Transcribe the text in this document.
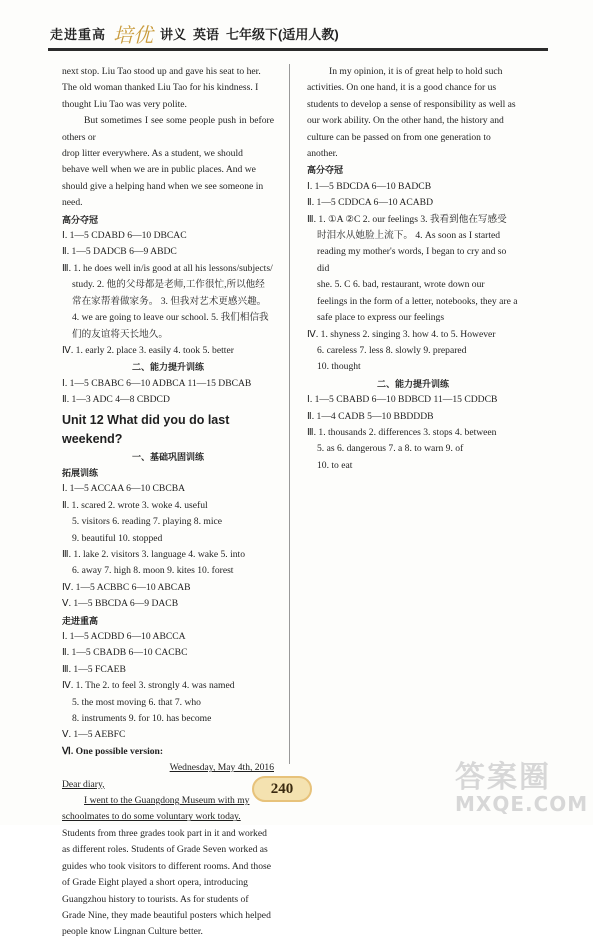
走进重高 培优 讲义 英语 七年级下(适用人教)
next stop. Liu Tao stood up and gave his seat to her.
The old woman thanked Liu Tao for his kindness. I
thought Liu Tao was very polite.
But sometimes I see some people push in before others or
drop litter everywhere. As a student, we should
behave well when we are in public places. And we
should give a helping hand when we see someone in
need.
高分夺冠
Ⅰ. 1—5 CDABD 6—10 DBCAC
Ⅱ. 1—5 DADCB 6—9 ABDC
Ⅲ. 1. he does well in/is good at all his lessons/subjects/
study. 2. 他的父母都是老师,工作很忙,所以他经
常在家帮着做家务。 3. 但我对艺术更感兴趣。
4. we are going to leave our school. 5. 我们相信我
们的友谊将天长地久。
Ⅳ. 1. early 2. place 3. easily 4. took 5. better
二、能力提升训练
Ⅰ. 1—5 CBABC 6—10 ADBCA 11—15 DBCAB
Ⅱ. 1—3 ADC 4—8 CBDCD
Unit 12 What did you do last weekend?
一、基础巩固训练
拓展训练
Ⅰ. 1—5 ACCAA 6—10 CBCBA
Ⅱ. 1. scared 2. wrote 3. woke 4. useful
5. visitors 6. reading 7. playing 8. mice
9. beautiful 10. stopped
Ⅲ. 1. lake 2. visitors 3. language 4. wake 5. into
6. away 7. high 8. moon 9. kites 10. forest
Ⅳ. 1—5 ACBBC 6—10 ABCAB
Ⅴ. 1—5 BBCDA 6—9 DACB
走进重高
Ⅰ. 1—5 ACDBD 6—10 ABCCA
Ⅱ. 1—5 CBADB 6—10 CACBC
Ⅲ. 1—5 FCAEB
Ⅳ. 1. The 2. to feel 3. strongly 4. was named
5. the most moving 6. that 7. who
8. instruments 9. for 10. has become
Ⅴ. 1—5 AEBFC
Ⅵ. One possible version:
Wednesday, May 4th, 2016
Dear diary,
I went to the Guangdong Museum with my
schoolmates to do some voluntary work today.
Students from three grades took part in it and worked
as different roles. Students of Grade Seven worked as
guides who took visitors to different rooms. And those
of Grade Eight played a short opera, introducing
Guangzhou history to tourists. As for students of
Grade Nine, they made beautiful posters which helped
people know Lingnan Culture better.
In my opinion, it is of great help to hold such
activities. On one hand, it is a good chance for us
students to develop a sense of responsibility as well as
our work ability. On the other hand, the history and
culture can be passed on from one generation to
another.
高分夺冠
Ⅰ. 1—5 BDCDA 6—10 BADCB
Ⅱ. 1—5 CDDCA 6—10 ACABD
Ⅲ. 1. ①A ②C 2. our feelings 3. 我看到他在写感受
时泪水从她脸上流下。 4. As soon as I started
reading my mother's words, I began to cry and so did
she. 5. C 6. bad, restaurant, wrote down our
feelings in the form of a letter, notebooks, they are a
safe place to express our feelings
Ⅳ. 1. shyness 2. singing 3. how 4. to 5. However
6. careless 7. less 8. slowly 9. prepared
10. thought
二、能力提升训练
Ⅰ. 1—5 CBABD 6—10 BDBCD 11—15 CDDCB
Ⅱ. 1—4 CADB 5—10 BBDDDB
Ⅲ. 1. thousands 2. differences 3. stops 4. between
5. as 6. dangerous 7. a 8. to warn 9. of
10. to eat
240	答案圈
MXQE.COM
